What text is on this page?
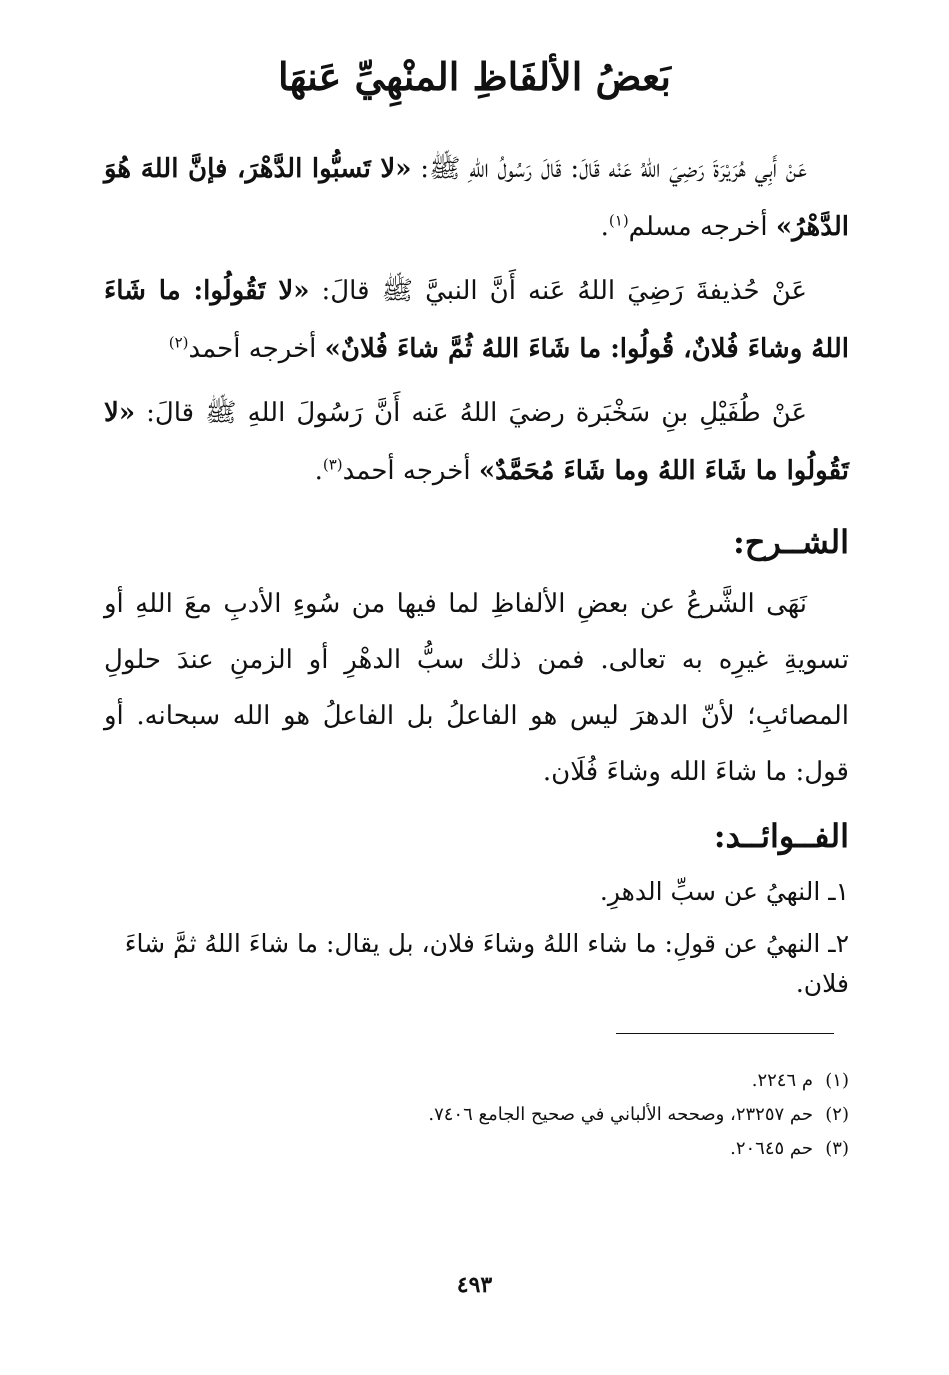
بَعضُ الألفَاظِ المنْهِيِّ عَنهَا

عَنْ أَبِي هُرَيْرَةَ رَضِيَ اللهُ عَنْه قَالَ: قَالَ رَسُولُ اللهِ ﷺ: «لا تَسبُّوا الدَّهْرَ، فإنَّ اللهَ هُوَ الدَّهْرُ» أخرجه مسلم$^{(١)}$.

عَنْ حُذيفةَ رَضِيَ اللهُ عَنه أَنَّ النبيَّ ﷺ قالَ: «لا تَقُولُوا: ما شَاءَ اللهُ وشاءَ فُلانٌ، قُولُوا: ما شَاءَ اللهُ ثُمَّ شاءَ فُلانٌ» أخرجه أحمد$^{(٢)}$

عَنْ طُفَيْلِ بنِ سَخْبَرة رضيَ اللهُ عَنه أَنَّ رَسُولَ اللهِ ﷺ قالَ: «لا تَقُولُوا ما شَاءَ اللهُ وما شَاءَ مُحَمَّدٌ» أخرجه أحمد$^{(٣)}$.

الشــرح:

نَهَى الشَّرعُ عن بعضِ الألفاظِ لما فيها من سُوءِ الأدبِ معَ اللهِ أو تسويةِ غيرِه به تعالى. فمن ذلك سبُّ الدهْرِ أو الزمنِ عندَ حلولِ المصائبِ؛ لأنّ الدهرَ ليس هو الفاعلُ بل الفاعلُ هو الله سبحانه. أو قول: ما شاءَ الله وشاءَ فُلَان.

الفــوائــد:
١ـ النهيُ عن سبِّ الدهرِ.
٢ـ النهيُ عن قولِ: ما شاء اللهُ وشاءَ فلان، بل يقال: ما شاءَ اللهُ ثمَّ شاءَ فلان.
(١)م ٢٢٤٦.
(٢)حم ٢٣٢٥٧، وصححه الألباني في صحيح الجامع ٧٤٠٦.
(٣)حم ٢٠٦٤٥.
٤٩٣
